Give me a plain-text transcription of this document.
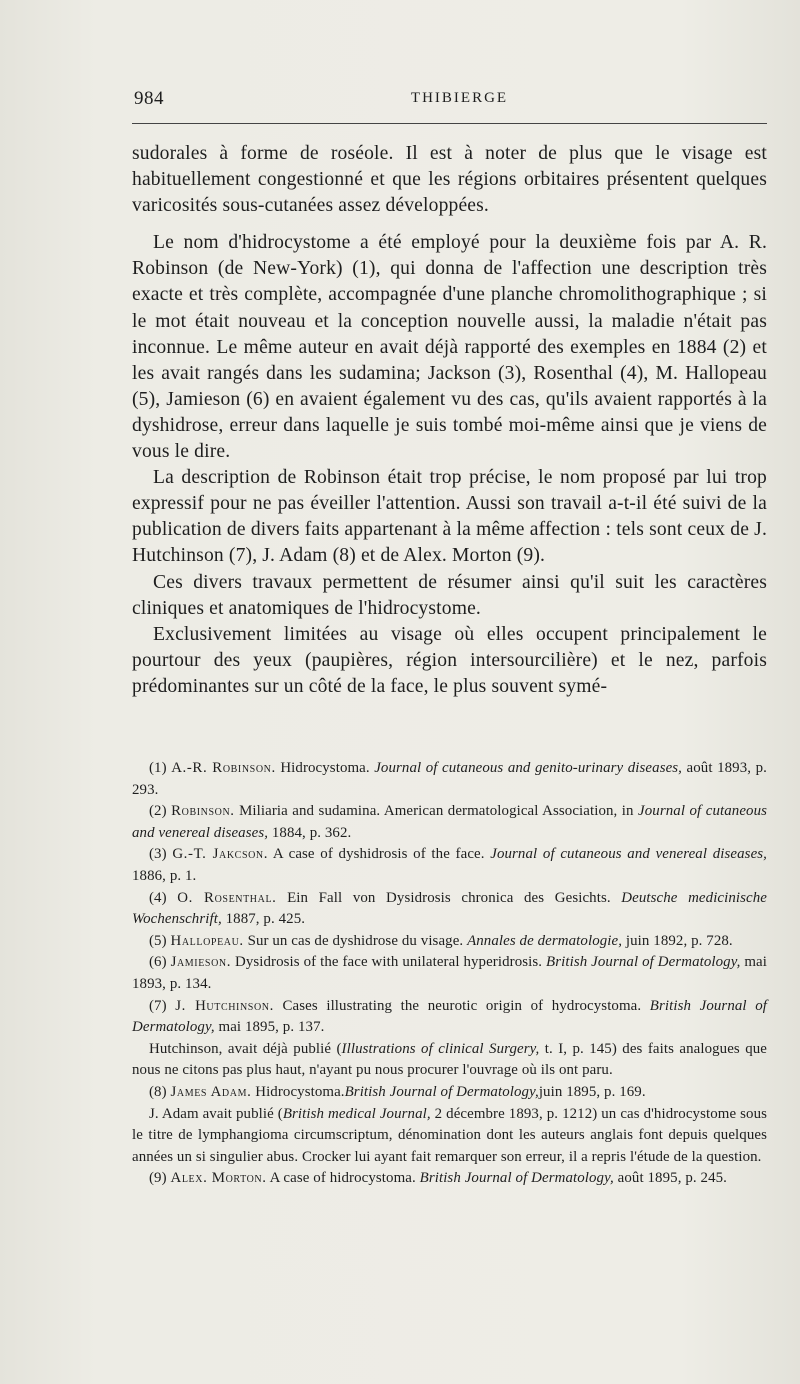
984	THIBIERGE

sudorales à forme de roséole. Il est à noter de plus que le visage est habituellement congestionné et que les régions orbitaires présentent quelques varicosités sous-cutanées assez développées.

Le nom d'hidrocystome a été employé pour la deuxième fois par A. R. Robinson (de New-York) (1), qui donna de l'affection une description très exacte et très complète, accompagnée d'une planche chromolithographique ; si le mot était nouveau et la conception nouvelle aussi, la maladie n'était pas inconnue. Le même auteur en avait déjà rapporté des exemples en 1884 (2) et les avait rangés dans les sudamina; Jackson (3), Rosenthal (4), M. Hallopeau (5), Jamieson (6) en avaient également vu des cas, qu'ils avaient rapportés à la dyshidrose, erreur dans laquelle je suis tombé moi-même ainsi que je viens de vous le dire.

La description de Robinson était trop précise, le nom proposé par lui trop expressif pour ne pas éveiller l'attention. Aussi son travail a-t-il été suivi de la publication de divers faits appartenant à la même affection : tels sont ceux de J. Hutchinson (7), J. Adam (8) et de Alex. Morton (9).

Ces divers travaux permettent de résumer ainsi qu'il suit les caractères cliniques et anatomiques de l'hidrocystome.

Exclusivement limitées au visage où elles occupent principalement le pourtour des yeux (paupières, région intersourcilière) et le nez, parfois prédominantes sur un côté de la face, le plus souvent symé-

(1) A.-R. Robinson. Hidrocystoma. Journal of cutaneous and genito-urinary diseases, août 1893, p. 293.

(2) Robinson. Miliaria and sudamina. American dermatological Association, in Journal of cutaneous and venereal diseases, 1884, p. 362.

(3) G.-T. Jakcson. A case of dyshidrosis of the face. Journal of cutaneous and venereal diseases, 1886, p. 1.

(4) O. Rosenthal. Ein Fall von Dysidrosis chronica des Gesichts. Deutsche medicinische Wochenschrift, 1887, p. 425.

(5) Hallopeau. Sur un cas de dyshidrose du visage. Annales de dermatologie, juin 1892, p. 728.

(6) Jamieson. Dysidrosis of the face with unilateral hyperidrosis. British Journal of Dermatology, mai 1893, p. 134.

(7) J. Hutchinson. Cases illustrating the neurotic origin of hydrocystoma. British Journal of Dermatology, mai 1895, p. 137.

Hutchinson, avait déjà publié (Illustrations of clinical Surgery, t. I, p. 145) des faits analogues que nous ne citons pas plus haut, n'ayant pu nous procurer l'ouvrage où ils ont paru.

(8) James Adam. Hidrocystoma.British Journal of Dermatology,juin 1895, p. 169.

J. Adam avait publié (British medical Journal, 2 décembre 1893, p. 1212) un cas d'hidrocystome sous le titre de lymphangioma circumscriptum, dénomination dont les auteurs anglais font depuis quelques années un si singulier abus. Crocker lui ayant fait remarquer son erreur, il a repris l'étude de la question.

(9) Alex. Morton. A case of hidrocystoma. British Journal of Dermatology, août 1895, p. 245.
